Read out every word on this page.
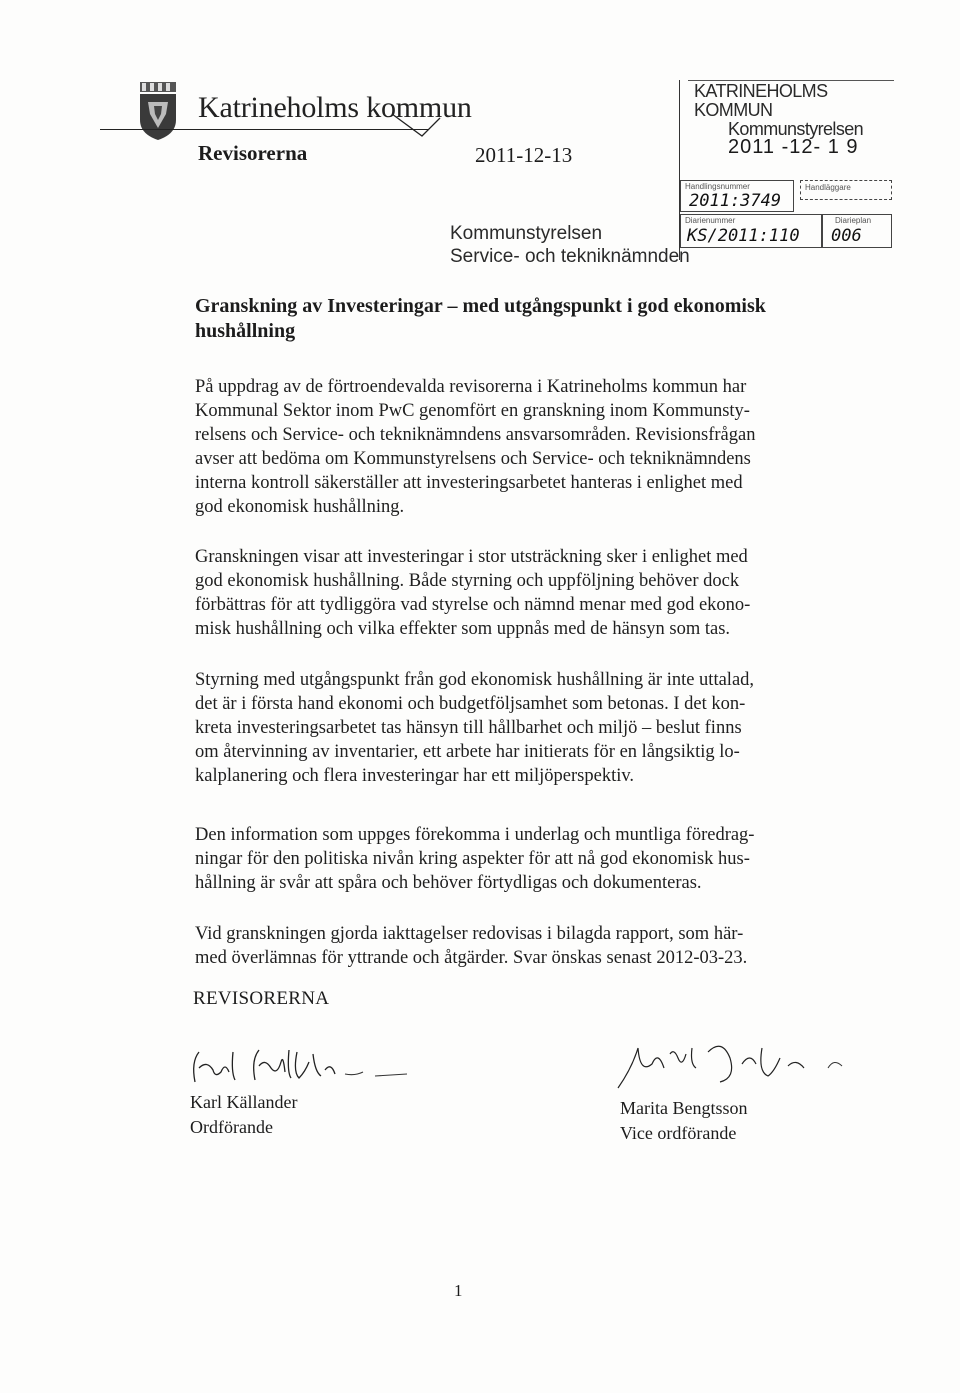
Katrineholms kommun
Revisorerna	2011-12-13
KATRINEHOLMS KOMMUN
Kommunstyrelsen
2011 -12- 1 9
Handlingsnummer
2011:3749
Handläggare
Diarienummer
KS/2011:110
Diarieplan
006
Kommunstyrelsen
Service- och tekniknämnden
Granskning av Investeringar – med utgångspunkt i god ekonomisk
hushållning
På uppdrag av de förtroendevalda revisorerna i Katrineholms kommun har
Kommunal Sektor inom PwC genomfört en granskning inom Kommunsty-
relsens och Service- och tekniknämndens ansvarsområden. Revisionsfrågan
avser att bedöma om Kommunstyrelsens och Service- och tekniknämndens
interna kontroll säkerställer att investeringsarbetet hanteras i enlighet med
god ekonomisk hushållning.
Granskningen visar att investeringar i stor utsträckning sker i enlighet med
god ekonomisk hushållning. Både styrning och uppföljning behöver dock
förbättras för att tydliggöra vad styrelse och nämnd menar med god ekono-
misk hushållning och vilka effekter som uppnås med de hänsyn som tas.
Styrning med utgångspunkt från god ekonomisk hushållning är inte uttalad,
det är i första hand ekonomi och budgetföljsamhet som betonas. I det kon-
kreta investeringsarbetet tas hänsyn till hållbarhet och miljö – beslut finns
om återvinning av inventarier, ett arbete har initierats för en långsiktig lo-
kalplanering och flera investeringar har ett miljöperspektiv.
Den information som uppges förekomma i underlag och muntliga föredrag-
ningar för den politiska nivån kring aspekter för att nå god ekonomisk hus-
hållning är svår att spåra och behöver förtydligas och dokumenteras.
Vid granskningen gjorda iakttagelser redovisas i bilagda rapport, som här-
med överlämnas för yttrande och åtgärder. Svar önskas senast 2012-03-23.
REVISORERNA
Karl Källander
Ordförande
Marita Bengtsson
Vice ordförande
1
